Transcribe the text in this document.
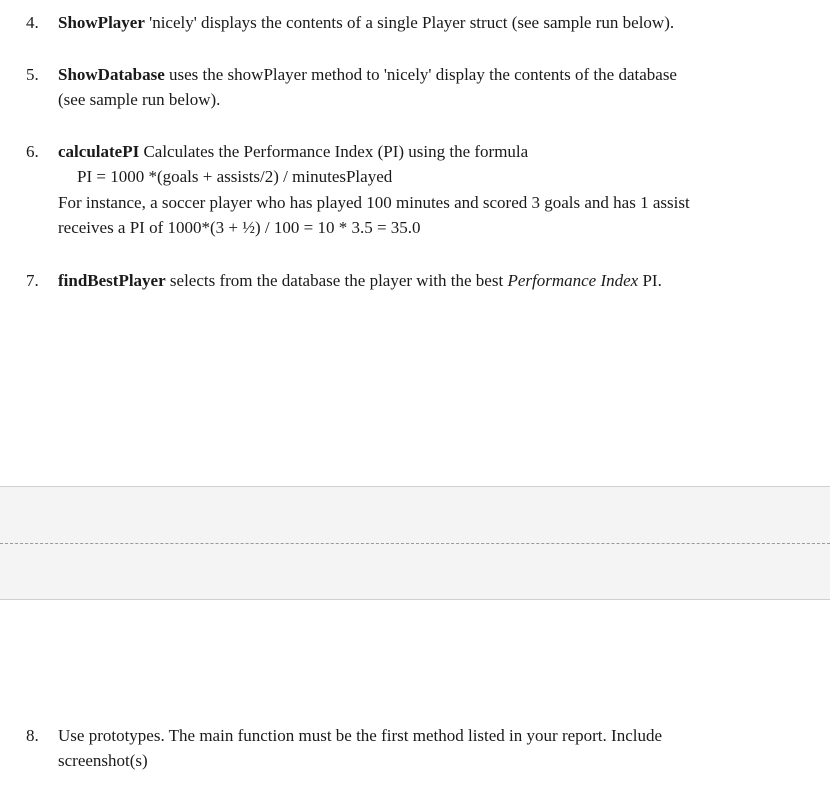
4. ShowPlayer 'nicely' displays the contents of a single Player struct (see sample run below).
5. ShowDatabase uses the showPlayer method to 'nicely' display the contents of the database
(see sample run below).
6. calculatePI Calculates the Performance Index (PI) using the formula
PI = 1000 *(goals + assists/2) / minutesPlayed
For instance, a soccer player who has played 100 minutes and scored 3 goals and has 1 assist
receives a PI of 1000*(3 + ½) / 100 = 10 * 3.5 = 35.0
7. findBestPlayer selects from the database the player with the best Performance Index PI.
8. Use prototypes. The main function must be the first method listed in your report. Include
screenshot(s)
